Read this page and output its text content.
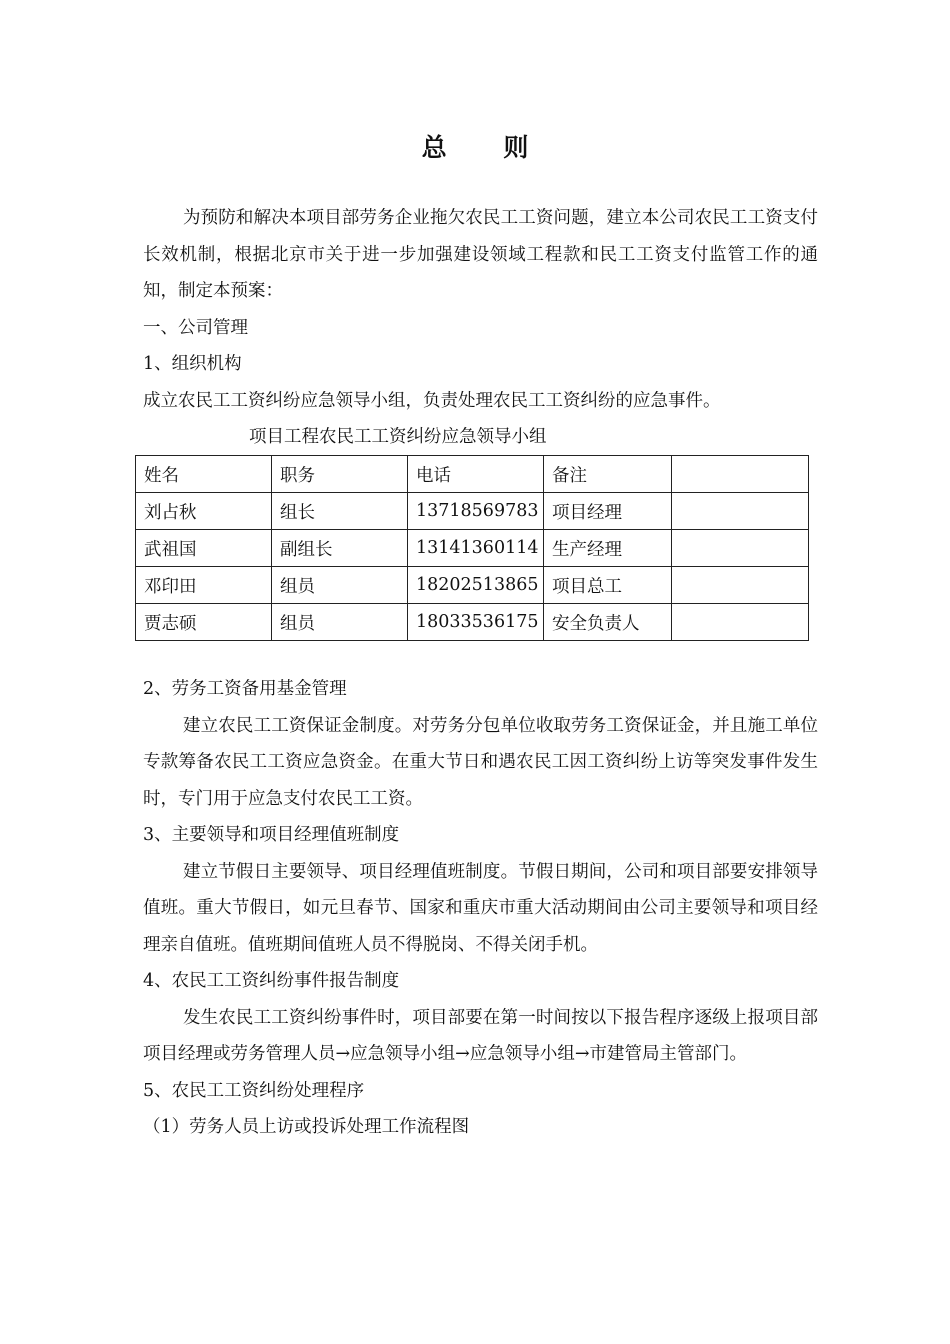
总 则

为预防和解决本项目部劳务企业拖欠农民工工资问题，建立本公司农民工工资支付长效机制，根据北京市关于进一步加强建设领域工程款和民工工资支付监管工作的通知，制定本预案：

一、公司管理

1、组织机构

成立农民工工资纠纷应急领导小组，负责处理农民工工资纠纷的应急事件。

项目工程农民工工资纠纷应急领导小组

姓名	职务	电话	备注	
刘占秋	组长	13718569783	项目经理	
武祖国	副组长	13141360114	生产经理	
邓印田	组员	18202513865	项目总工	
贾志硕	组员	18033536175	安全负责人	

2、劳务工资备用基金管理

建立农民工工资保证金制度。对劳务分包单位收取劳务工资保证金，并且施工单位专款筹备农民工工资应急资金。在重大节日和遇农民工因工资纠纷上访等突发事件发生时，专门用于应急支付农民工工资。

3、主要领导和项目经理值班制度

建立节假日主要领导、项目经理值班制度。节假日期间，公司和项目部要安排领导值班。重大节假日，如元旦春节、国家和重庆市重大活动期间由公司主要领导和项目经理亲自值班。值班期间值班人员不得脱岗、不得关闭手机。

4、农民工工资纠纷事件报告制度

发生农民工工资纠纷事件时，项目部要在第一时间按以下报告程序逐级上报项目部项目经理或劳务管理人员→应急领导小组→应急领导小组→市建管局主管部门。

5、农民工工资纠纷处理程序

（1）劳务人员上访或投诉处理工作流程图
